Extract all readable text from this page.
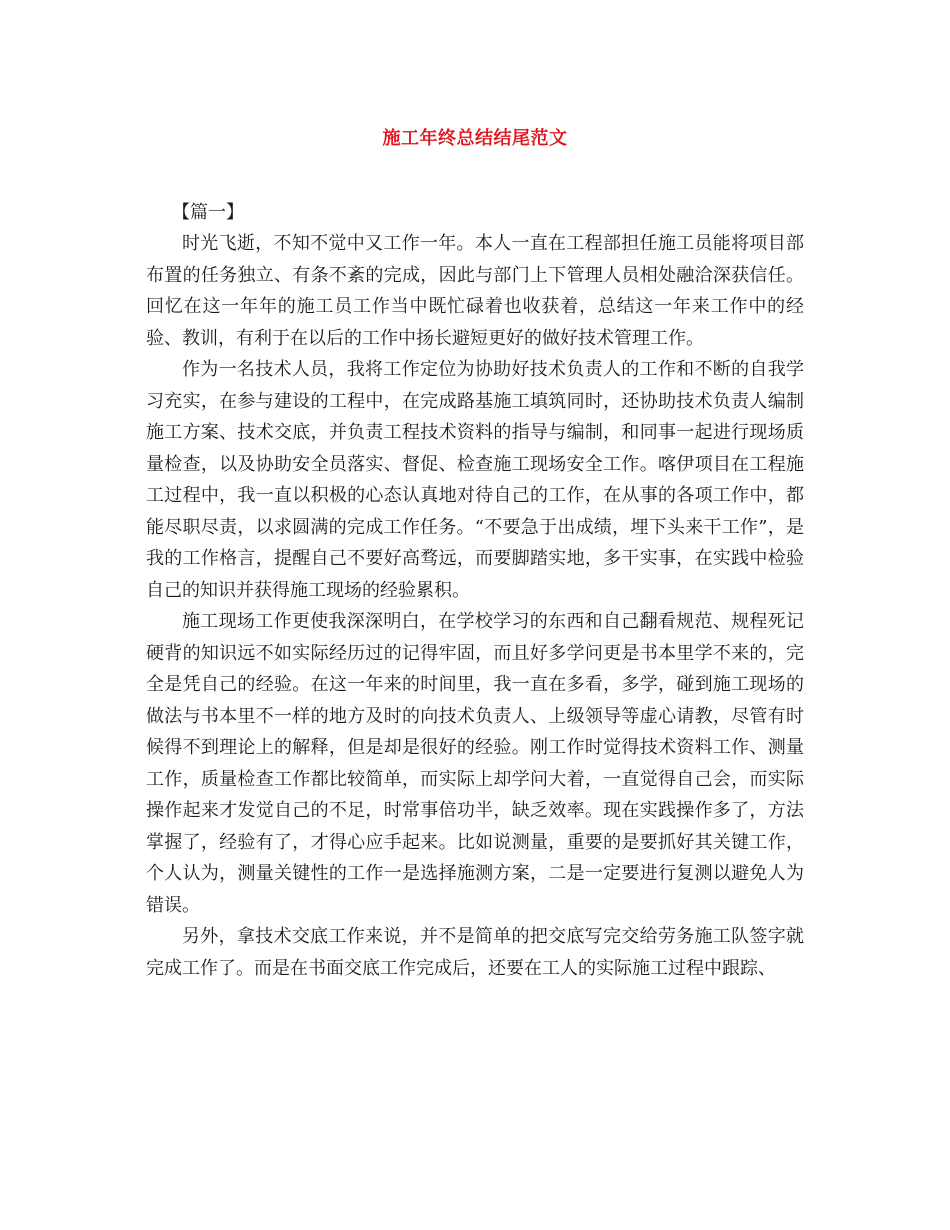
施工年终总结结尾范文
【篇一】

时光飞逝，不知不觉中又工作一年。本人一直在工程部担任施工员能将项目部布置的任务独立、有条不紊的完成，因此与部门上下管理人员相处融洽深获信任。回忆在这一年年的施工员工作当中既忙碌着也收获着，总结这一年来工作中的经验、教训，有利于在以后的工作中扬长避短更好的做好技术管理工作。

作为一名技术人员，我将工作定位为协助好技术负责人的工作和不断的自我学习充实，在参与建设的工程中，在完成路基施工填筑同时，还协助技术负责人编制施工方案、技术交底，并负责工程技术资料的指导与编制，和同事一起进行现场质量检查，以及协助安全员落实、督促、检查施工现场安全工作。喀伊项目在工程施工过程中，我一直以积极的心态认真地对待自己的工作，在从事的各项工作中，都能尽职尽责，以求圆满的完成工作任务。“不要急于出成绩，埋下头来干工作”，是我的工作格言，提醒自己不要好高骛远，而要脚踏实地，多干实事，在实践中检验自己的知识并获得施工现场的经验累积。

施工现场工作更使我深深明白，在学校学习的东西和自己翻看规范、规程死记硬背的知识远不如实际经历过的记得牢固，而且好多学问更是书本里学不来的，完全是凭自己的经验。在这一年来的时间里，我一直在多看，多学，碰到施工现场的做法与书本里不一样的地方及时的向技术负责人、上级领导等虚心请教，尽管有时候得不到理论上的解释，但是却是很好的经验。刚工作时觉得技术资料工作、测量工作，质量检查工作都比较简单，而实际上却学问大着，一直觉得自己会，而实际操作起来才发觉自己的不足，时常事倍功半，缺乏效率。现在实践操作多了，方法掌握了，经验有了，才得心应手起来。比如说测量，重要的是要抓好其关键工作，个人认为，测量关键性的工作一是选择施测方案，二是一定要进行复测以避免人为错误。

另外，拿技术交底工作来说，并不是简单的把交底写完交给劳务施工队签字就完成工作了。而是在书面交底工作完成后，还要在工人的实际施工过程中跟踪、
